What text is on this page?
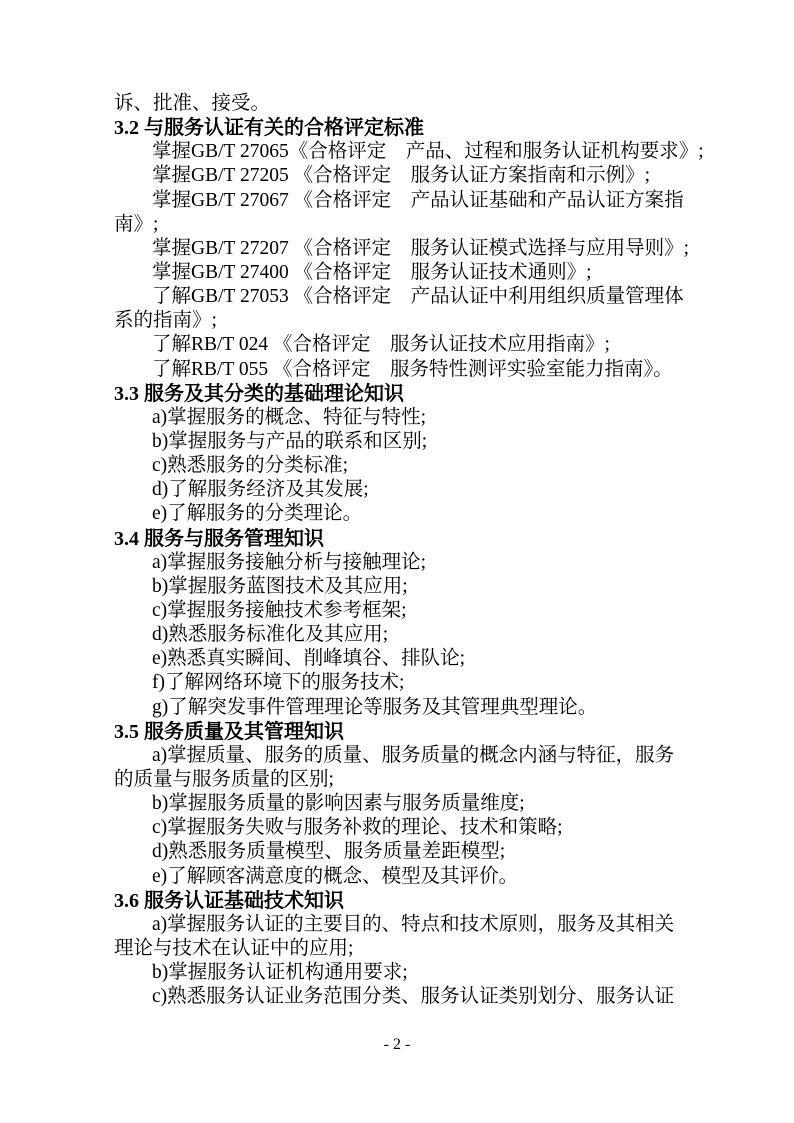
诉、批准、接受。
3.2 与服务认证有关的合格评定标准
掌握GB/T 27065《合格评定　产品、过程和服务认证机构要求》;
掌握GB/T 27205 《合格评定　服务认证方案指南和示例》;
掌握GB/T 27067 《合格评定　产品认证基础和产品认证方案指
南》;
掌握GB/T 27207 《合格评定　服务认证模式选择与应用导则》;
掌握GB/T 27400 《合格评定　服务认证技术通则》;
了解GB/T 27053 《合格评定　产品认证中利用组织质量管理体
系的指南》;
了解RB/T 024 《合格评定　服务认证技术应用指南》;
了解RB/T 055 《合格评定　服务特性测评实验室能力指南》。
3.3 服务及其分类的基础理论知识
a)掌握服务的概念、特征与特性;
b)掌握服务与产品的联系和区别;
c)熟悉服务的分类标准;
d)了解服务经济及其发展;
e)了解服务的分类理论。
3.4 服务与服务管理知识
a)掌握服务接触分析与接触理论;
b)掌握服务蓝图技术及其应用;
c)掌握服务接触技术参考框架;
d)熟悉服务标准化及其应用;
e)熟悉真实瞬间、削峰填谷、排队论;
f)了解网络环境下的服务技术;
g)了解突发事件管理理论等服务及其管理典型理论。
3.5 服务质量及其管理知识
a)掌握质量、服务的质量、服务质量的概念内涵与特征，服务
的质量与服务质量的区别;
b)掌握服务质量的影响因素与服务质量维度;
c)掌握服务失败与服务补救的理论、技术和策略;
d)熟悉服务质量模型、服务质量差距模型;
e)了解顾客满意度的概念、模型及其评价。
3.6 服务认证基础技术知识
a)掌握服务认证的主要目的、特点和技术原则，服务及其相关
理论与技术在认证中的应用;
b)掌握服务认证机构通用要求;
c)熟悉服务认证业务范围分类、服务认证类别划分、服务认证
- 2 -
